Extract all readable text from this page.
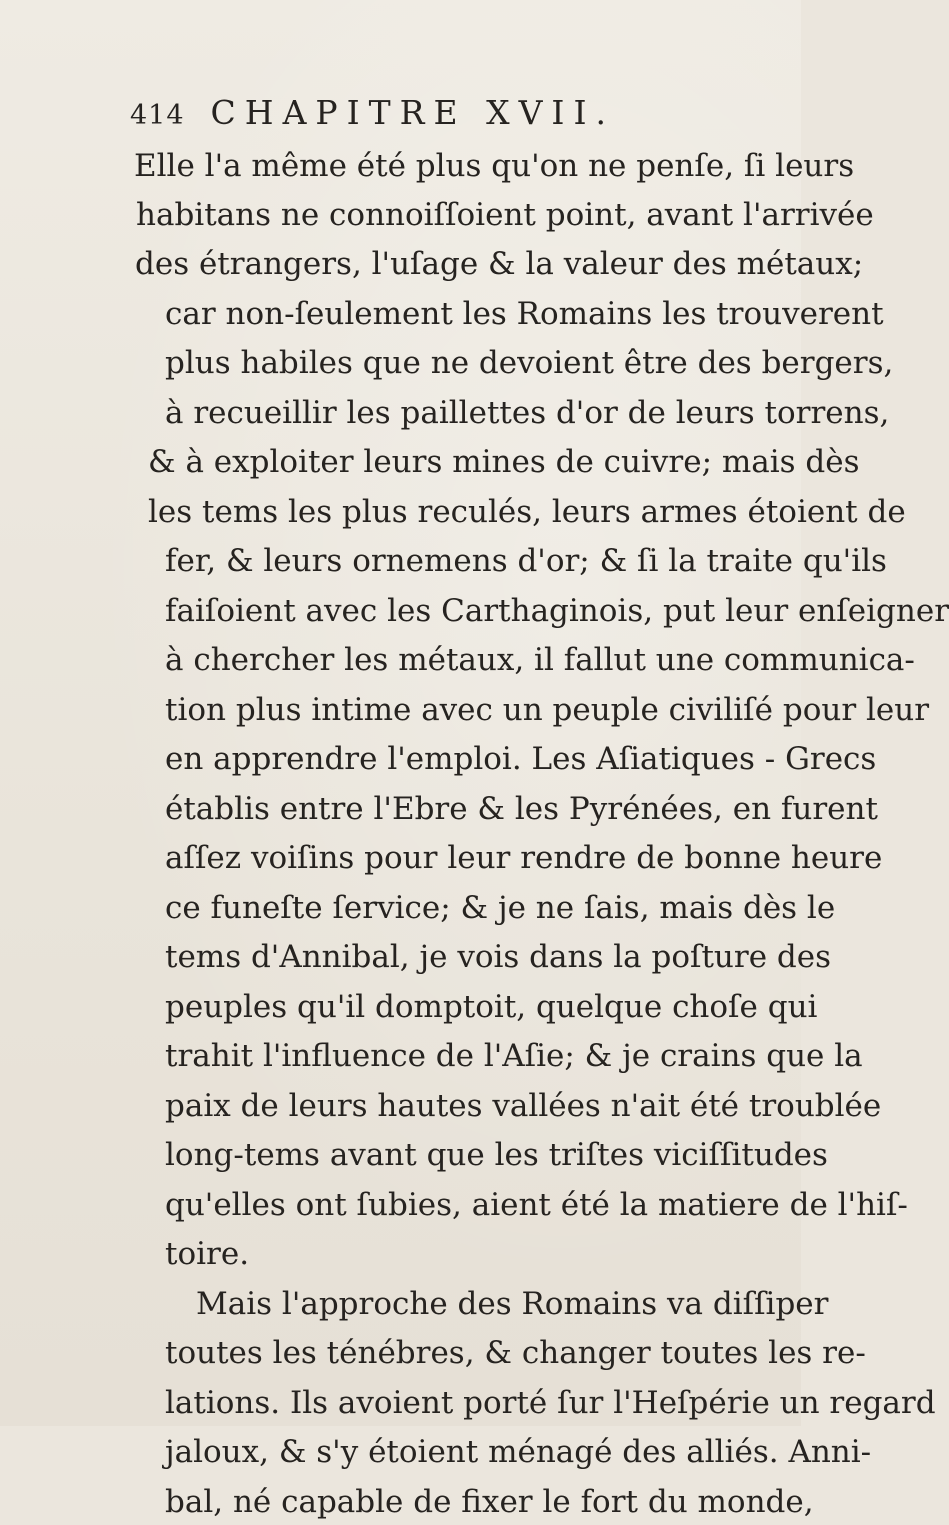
414 CHAPITRE XVII.
Elle l'a même été plus qu'on ne penſe, ſi leurs
habitans ne connoiſſoient point, avant l'arrivée
des étrangers, l'uſage & la valeur des métaux;
car non-ſeulement les Romains les trouverent
plus habiles que ne devoient être des bergers,
à recueillir les paillettes d'or de leurs torrens,
& à exploiter leurs mines de cuivre; mais dès
les tems les plus reculés, leurs armes étoient de
fer, & leurs ornemens d'or; & ſi la traite qu'ils
faiſoient avec les Carthaginois, put leur enſeigner
à chercher les métaux, il fallut une communica-
tion plus intime avec un peuple civiliſé pour leur
en apprendre l'emploi. Les Aſiatiques - Grecs
établis entre l'Ebre & les Pyrénées, en furent
aſſez voiſins pour leur rendre de bonne heure
ce funeſte ſervice; & je ne ſais, mais dès le
tems d'Annibal, je vois dans la poſture des
peuples qu'il domptoit, quelque choſe qui
trahit l'influence de l'Aſie; & je crains que la
paix de leurs hautes vallées n'ait été troublée
long-tems avant que les triſtes viciſſitudes
qu'elles ont ſubies, aient été la matiere de l'hiſ-
toire.
Mais l'approche des Romains va diſſiper
toutes les ténébres, & changer toutes les re-
lations. Ils avoient porté ſur l'Heſpérie un regard
jaloux, & s'y étoient ménagé des alliés. Anni-
bal, né capable de fixer le fort du monde,
